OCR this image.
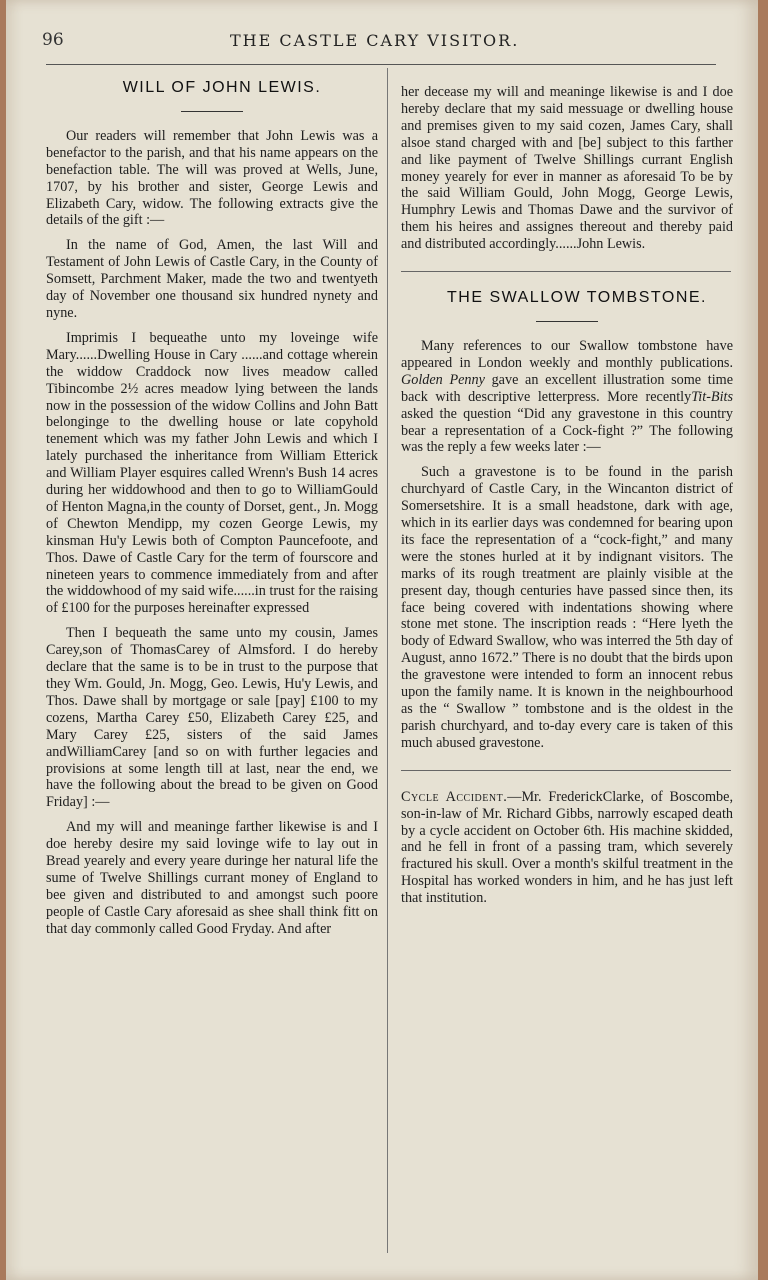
96	THE CASTLE CARY VISITOR.

WILL OF JOHN LEWIS.

Our readers will remember that John Lewis was a benefactor to the parish, and that his name appears on the benefaction table. The will was proved at Wells, June, 1707, by his brother and sister, George Lewis and Elizabeth Cary, widow. The following extracts give the details of the gift :—

In the name of God, Amen, the last Will and Testament of John Lewis of Castle Cary, in the County of Somsett, Parchment Maker, made the two and twentyeth day of November one thousand six hundred nynety and nyne.

Imprimis I bequeathe unto my loveinge wife Mary......Dwelling House in Cary ......and cottage wherein the widdow Craddock now lives meadow called Tibincombe 2½ acres meadow lying between the lands now in the possession of the widow Collins and John Batt belonginge to the dwelling house or late copyhold tenement which was my father John Lewis and which I lately purchased the inheritance from William Etterick and William Player esquires called Wrenn's Bush 14 acres during her widdowhood and then to go to WilliamGould of Henton Magna,in the county of Dorset, gent., Jn. Mogg of Chewton Mendipp, my cozen George Lewis, my kinsman Hu'y Lewis both of Compton Pauncefoote, and Thos. Dawe of Castle Cary for the term of fourscore and nineteen years to commence immediately from and after the widdowhood of my said wife......in trust for the raising of £100 for the purposes hereinafter expressed

Then I bequeath the same unto my cousin, James Carey,son of ThomasCarey of Almsford. I do hereby declare that the same is to be in trust to the purpose that they Wm. Gould, Jn. Mogg, Geo. Lewis, Hu'y Lewis, and Thos. Dawe shall by mortgage or sale [pay] £100 to my cozens, Martha Carey £50, Elizabeth Carey £25, and Mary Carey £25, sisters of the said James andWilliamCarey [and so on with further legacies and provisions at some length till at last, near the end, we have the following about the bread to be given on Good Friday] :—

And my will and meaninge farther likewise is and I doe hereby desire my said lovinge wife to lay out in Bread yearely and every yeare duringe her natural life the sume of Twelve Shillings currant money of England to bee given and distributed to and amongst such poore people of Castle Cary aforesaid as shee shall think fitt on that day commonly called Good Fryday. And after

her decease my will and meaninge likewise is and I doe hereby declare that my said messuage or dwelling house and premises given to my said cozen, James Cary, shall alsoe stand charged with and [be] subject to this farther and like payment of Twelve Shillings currant English money yearely for ever in manner as aforesaid To be by the said William Gould, John Mogg, George Lewis, Humphry Lewis and Thomas Dawe and the survivor of them his heires and assignes thereout and thereby paid and distributed accordingly......John Lewis.

THE SWALLOW TOMBSTONE.

Many references to our Swallow tombstone have appeared in London weekly and monthly publications. Golden Penny gave an excellent illustration some time back with descriptive letterpress. More recentlyTit-Bits asked the question “Did any gravestone in this country bear a representation of a Cock-fight ?” The following was the reply a few weeks later :—

Such a gravestone is to be found in the parish churchyard of Castle Cary, in the Wincanton district of Somersetshire. It is a small headstone, dark with age, which in its earlier days was condemned for bearing upon its face the representation of a “cock-fight,” and many were the stones hurled at it by indignant visitors. The marks of its rough treatment are plainly visible at the present day, though centuries have passed since then, its face being covered with indentations showing where stone met stone. The inscription reads : “Here lyeth the body of Edward Swallow, who was interred the 5th day of August, anno 1672.” There is no doubt that the birds upon the gravestone were intended to form an innocent rebus upon the family name. It is known in the neighbourhood as the “ Swallow ” tombstone and is the oldest in the parish churchyard, and to-day every care is taken of this much abused gravestone.

Cycle Accident.—Mr. FrederickClarke, of Boscombe, son-in-law of Mr. Richard Gibbs, narrowly escaped death by a cycle accident on October 6th. His machine skidded, and he fell in front of a passing tram, which severely fractured his skull. Over a month's skilful treatment in the Hospital has worked wonders in him, and he has just left that institution.
